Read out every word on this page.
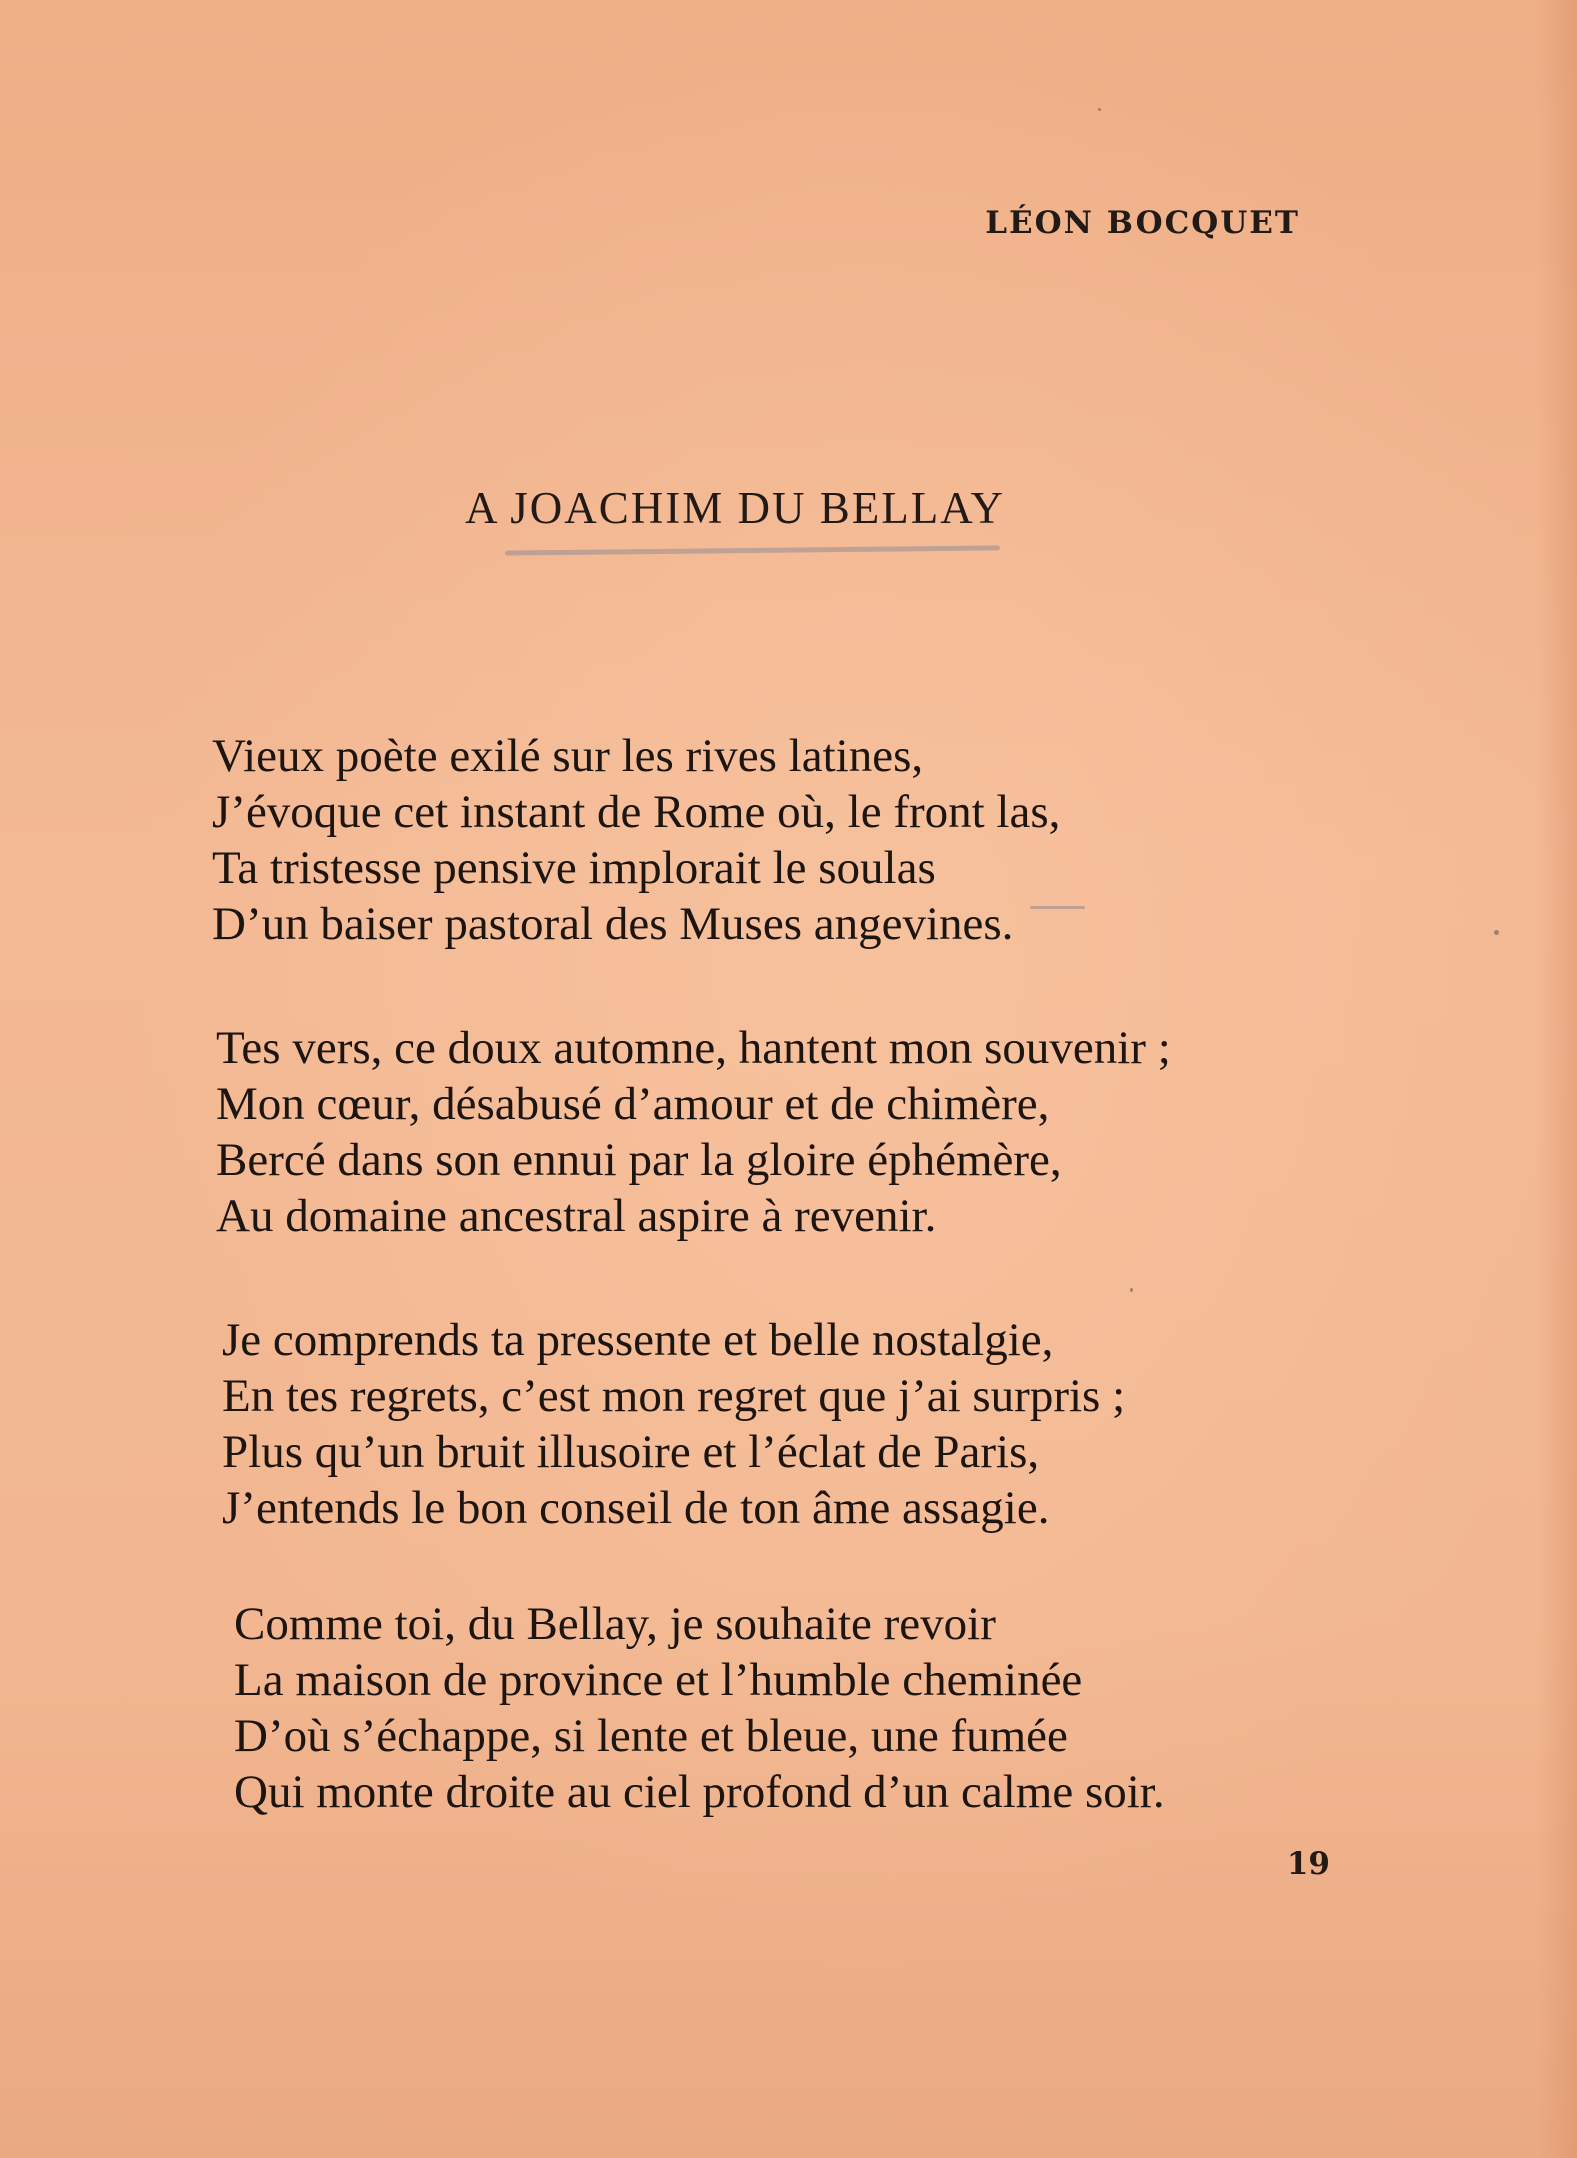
LÉON BOCQUET
A JOACHIM DU BELLAY
Vieux poète exilé sur les rives latines,
J’évoque cet instant de Rome où, le front las,
Ta tristesse pensive implorait le soulas
D’un baiser pastoral des Muses angevines.
Tes vers, ce doux automne, hantent mon souvenir ;
Mon cœur, désabusé d’amour et de chimère,
Bercé dans son ennui par la gloire éphémère,
Au domaine ancestral aspire à revenir.
Je comprends ta pressente et belle nostalgie,
En tes regrets, c’est mon regret que j’ai surpris ;
Plus qu’un bruit illusoire et l’éclat de Paris,
J’entends le bon conseil de ton âme assagie.
Comme toi, du Bellay, je souhaite revoir
La maison de province et l’humble cheminée
D’où s’échappe, si lente et bleue, une fumée
Qui monte droite au ciel profond d’un calme soir.
19
